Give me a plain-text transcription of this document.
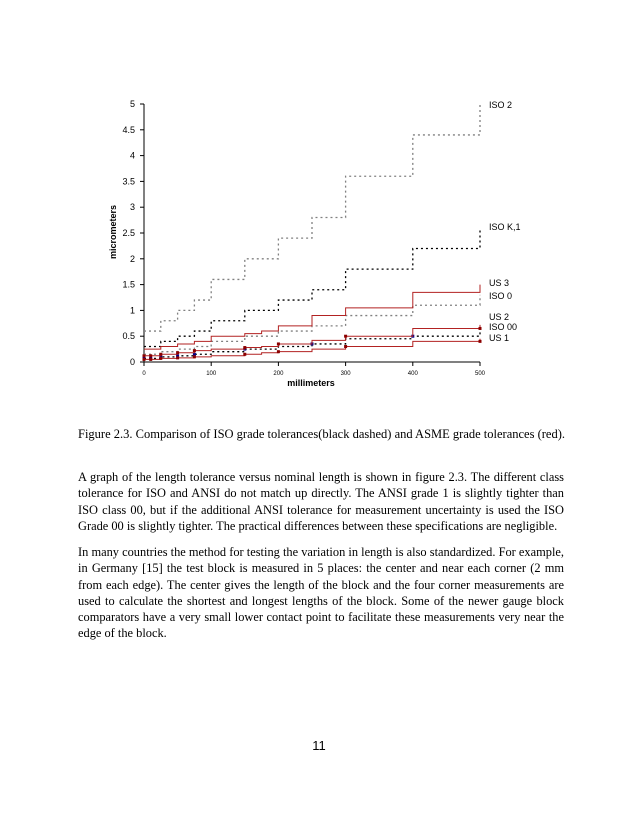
0
0.5
1
1.5
2
2.5
3
3.5
4
4.5
5
0	100	200	300	400	500
ISO 2
ISO K,1
ISO 0
ISO 00
US 3
US 2
US 1
millimeters
micrometers
Figure 2.3. Comparison of ISO grade tolerances(black dashed) and ASME grade tolerances (red).
A graph of the length tolerance versus nominal length is shown in figure 2.3. The different class tolerance for ISO and ANSI do not match up directly. The ANSI grade 1 is slightly tighter than ISO class 00, but if the additional ANSI tolerance for measurement uncertainty is used the ISO Grade 00 is slightly tighter. The practical differences between these specifications are negligible.
In many countries the method for testing the variation in length is also standardized. For example, in Germany [15] the test block is measured in 5 places: the center and near each corner (2 mm from each edge). The center gives the length of the block and the four corner measurements are used to calculate the shortest and longest lengths of the block. Some of the newer gauge block comparators have a very small lower contact point to facilitate these measurements very near the edge of the block.
11
